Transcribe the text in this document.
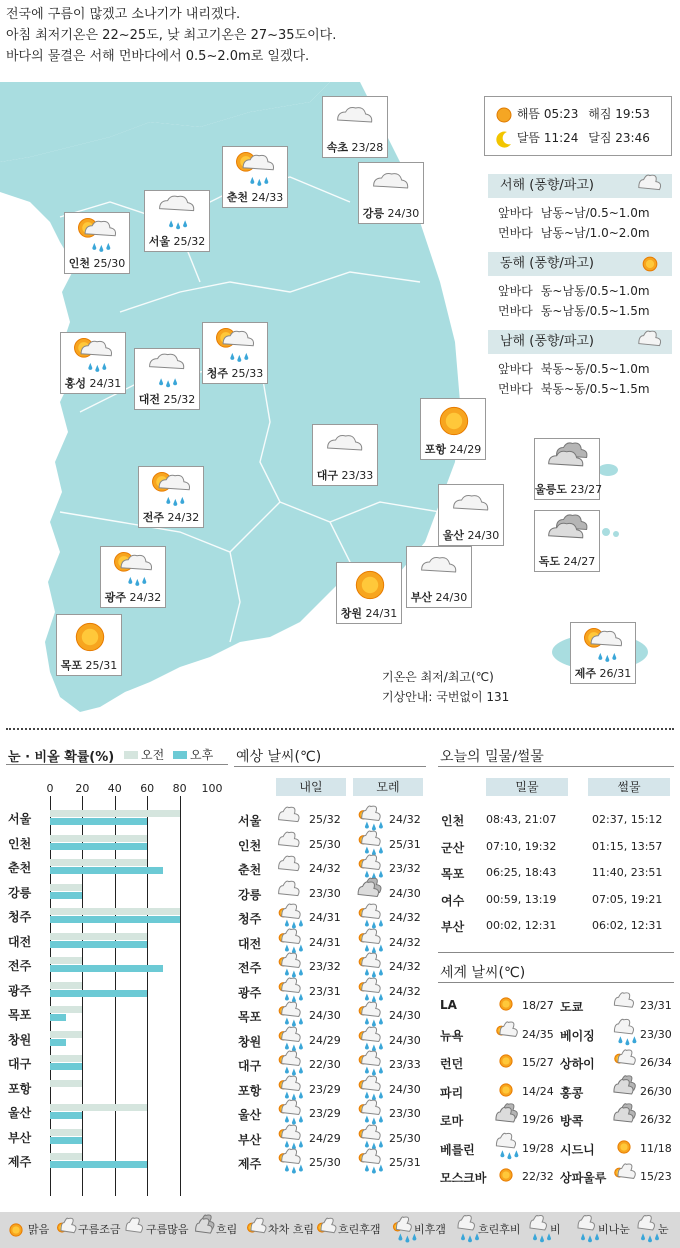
전국에 구름이 많겠고 소나기가 내리겠다.
아침 최저기온은 22~25도, 낮 최고기온은 27~35도이다.
바다의 물결은 서해 먼바다에서 0.5~2.0m로 일겠다.
해뜸 05:23 해짐 19:53
달뜸 11:24 달짐 23:46
서해 (풍향/파고)
앞바다 남동~남/0.5~1.0m
먼바다 남동~남/1.0~2.0m
동해 (풍향/파고)
앞바다 동~남동/0.5~1.0m
먼바다 동~남동/0.5~1.5m
남해 (풍향/파고)
앞바다 북동~동/0.5~1.0m
먼바다 북동~동/0.5~1.5m
기온은 최저/최고(℃)
기상안내: 국번없이 131
눈 · 비올 확률(%) 오전 오후
0	20	40	60	80	100
서울
인천
춘천
강릉
청주
대전
전주
광주
목포
창원
대구
포항
울산
부산
제주
예상 날씨(℃)
내일	모레
서울	25/32	24/32
인천	25/30	25/31
춘천	24/32	23/32
강릉	23/30	24/30
청주	24/31	24/32
대전	24/31	24/32
전주	23/32	24/32
광주	23/31	24/32
목포	24/30	24/30
창원	24/29	24/30
대구	22/30	23/33
포항	23/29	24/30
울산	23/29	23/30
부산	24/29	25/30
제주	25/30	25/31
오늘의 밀물/썰물
밀물	썰물
인천 08:43, 21:07	02:37, 15:12
군산 07:10, 19:32	01:15, 13:57
목포 06:25, 18:43	11:40, 23:51
여수 00:59, 13:19	07:05, 19:21
부산 00:02, 12:31	06:02, 12:31
세계 날씨(℃)
LA	18/27 도쿄	23/31
뉴욕	24/35 베이징	23/30
런던	15/27 상하이	26/34
파리	14/24 홍콩	26/30
로마	19/26 방콕	26/32
베를린	19/28 시드니	11/18
모스크바	22/32 상파울루	15/23
맑음	구름조금	구름많음	흐림	차차 흐림	흐린후갬	비후갬	흐린후비	비	비나눈	눈
속초 23/28
춘천 24/33
강릉 24/30
서울 25/32
인천 25/30
홍성 24/31
청주 25/33
대전 25/32
포항 24/29
대구 23/33
울릉도 23/27
울산 24/30
독도 24/27
전주 24/32
광주 24/32	부산 24/30
창원 24/31
목포 25/31
제주 26/31
